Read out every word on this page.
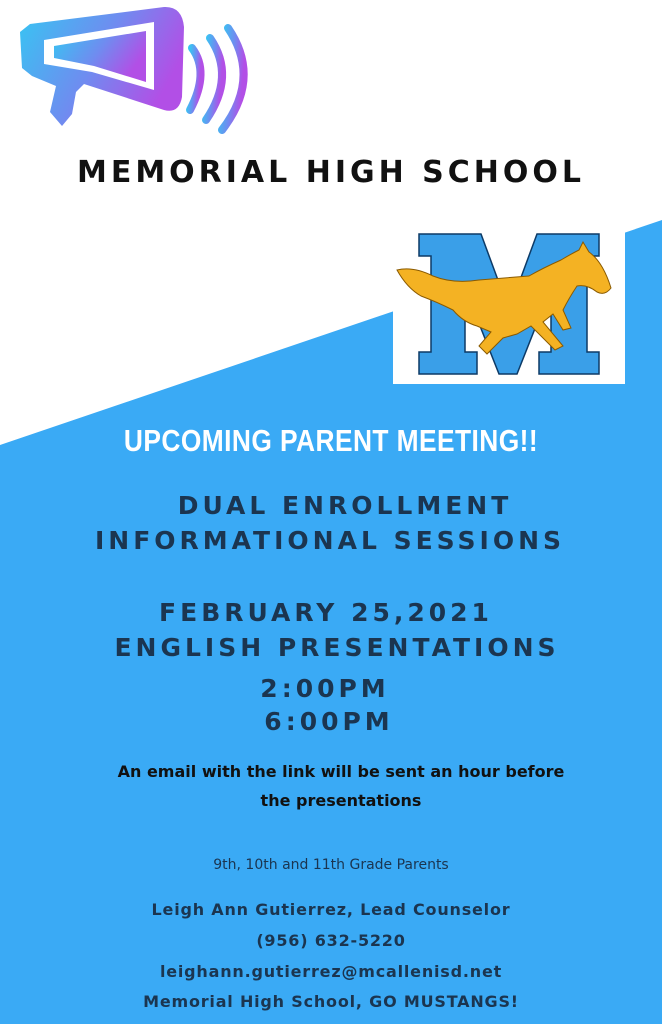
MEMORIAL HIGH SCHOOL
UPCOMING PARENT MEETING!!
DUAL ENROLLMENT
INFORMATIONAL SESSIONS
FEBRUARY 25,2021
ENGLISH PRESENTATIONS
2:00PM
6:00PM
An email with the link will be sent an hour before
the presentations
9th, 10th and 11th Grade Parents
Leigh Ann Gutierrez, Lead Counselor
(956) 632-5220
leighann.gutierrez@mcallenisd.net
Memorial High School, GO MUSTANGS!
